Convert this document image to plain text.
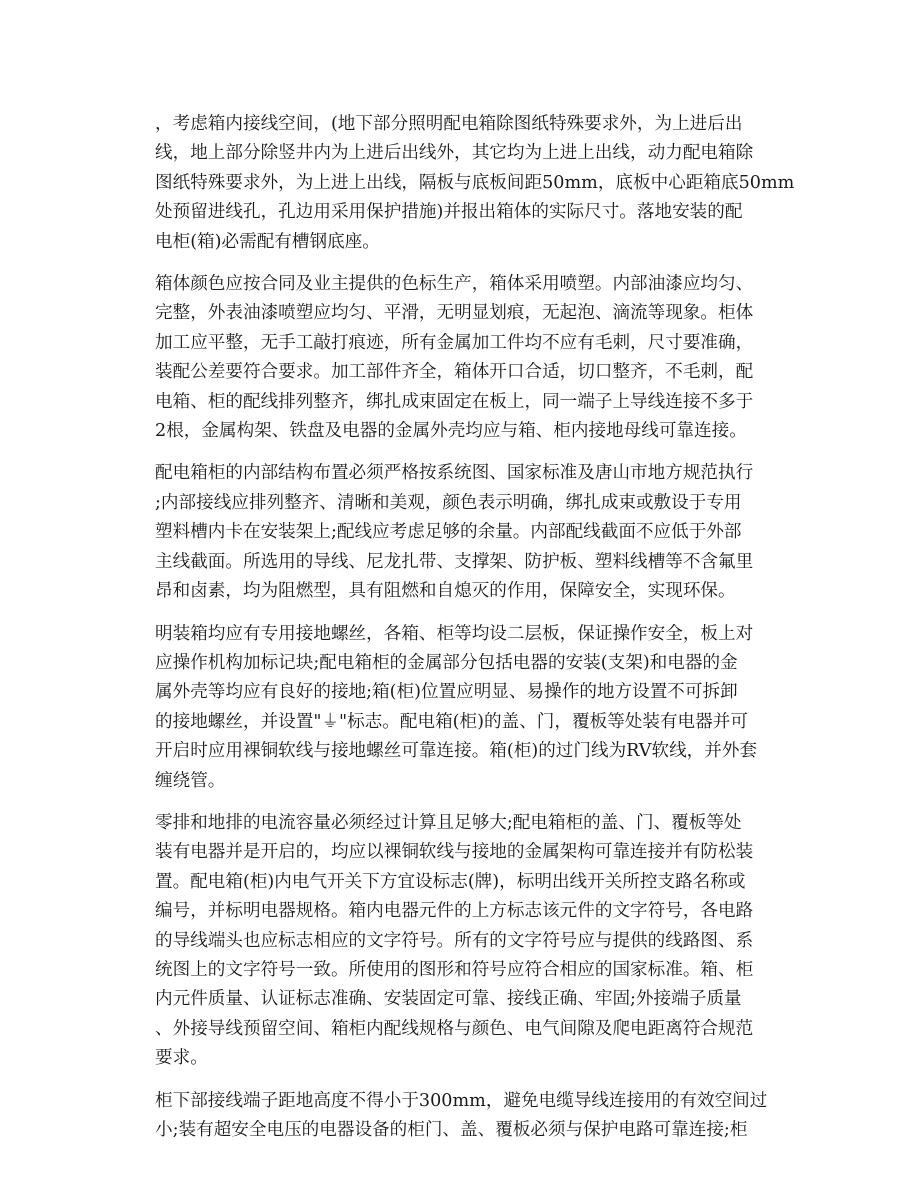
，考虑箱内接线空间，(地下部分照明配电箱除图纸特殊要求外，为上进后出
线，地上部分除竖井内为上进后出线外，其它均为上进上出线，动力配电箱除
图纸特殊要求外，为上进上出线，隔板与底板间距50mm，底板中心距箱底50mm
处预留进线孔，孔边用采用保护措施)并报出箱体的实际尺寸。落地安装的配
电柜(箱)必需配有槽钢底座。

箱体颜色应按合同及业主提供的色标生产，箱体采用喷塑。内部油漆应均匀、
完整，外表油漆喷塑应均匀、平滑，无明显划痕，无起泡、滴流等现象。柜体
加工应平整，无手工敲打痕迹，所有金属加工件均不应有毛刺，尺寸要准确，
装配公差要符合要求。加工部件齐全，箱体开口合适，切口整齐，不毛刺，配
电箱、柜的配线排列整齐，绑扎成束固定在板上，同一端子上导线连接不多于
2根，金属构架、铁盘及电器的金属外壳均应与箱、柜内接地母线可靠连接。

配电箱柜的内部结构布置必须严格按系统图、国家标准及唐山市地方规范执行
;内部接线应排列整齐、清晰和美观，颜色表示明确，绑扎成束或敷设于专用
塑料槽内卡在安装架上;配线应考虑足够的余量。内部配线截面不应低于外部
主线截面。所选用的导线、尼龙扎带、支撑架、防护板、塑料线槽等不含氟里
昂和卤素，均为阻燃型，具有阻燃和自熄灭的作用，保障安全，实现环保。

明装箱均应有专用接地螺丝，各箱、柜等均设二层板，保证操作安全，板上对
应操作机构加标记块;配电箱柜的金属部分包括电器的安装(支架)和电器的金
属外壳等均应有良好的接地;箱(柜)位置应明显、易操作的地方设置不可拆卸
的接地螺丝，并设置"⏚"标志。配电箱(柜)的盖、门，覆板等处装有电器并可
开启时应用裸铜软线与接地螺丝可靠连接。箱(柜)的过门线为RV软线，并外套
缠绕管。

零排和地排的电流容量必须经过计算且足够大;配电箱柜的盖、门、覆板等处
装有电器并是开启的，均应以裸铜软线与接地的金属架构可靠连接并有防松装
置。配电箱(柜)内电气开关下方宜设标志(牌)，标明出线开关所控支路名称或
编号，并标明电器规格。箱内电器元件的上方标志该元件的文字符号，各电路
的导线端头也应标志相应的文字符号。所有的文字符号应与提供的线路图、系
统图上的文字符号一致。所使用的图形和符号应符合相应的国家标准。箱、柜
内元件质量、认证标志准确、安装固定可靠、接线正确、牢固;外接端子质量
、外接导线预留空间、箱柜内配线规格与颜色、电气间隙及爬电距离符合规范
要求。

柜下部接线端子距地高度不得小于300mm，避免电缆导线连接用的有效空间过
小;装有超安全电压的电器设备的柜门、盖、覆板必须与保护电路可靠连接;柜
